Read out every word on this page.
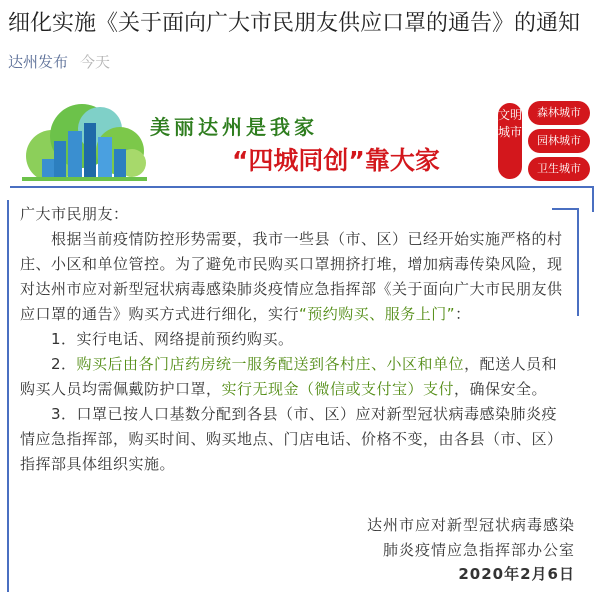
细化实施《关于面向广大市民朋友供应口罩的通告》的通知
达州发布 今天
美丽达州是我家
“四城同创”靠大家
文明城市
森林城市
园林城市
卫生城市
广大市民朋友：
根据当前疫情防控形势需要，我市一些县（市、区）已经开始实施严格的村
庄、小区和单位管控。为了避免市民购买口罩拥挤打堆，增加病毒传染风险，现
对达州市应对新型冠状病毒感染肺炎疫情应急指挥部《关于面向广大市民朋友供
应口罩的通告》购买方式进行细化，实行“预约购买、服务上门”：
1．实行电话、网络提前预约购买。
2．购买后由各门店药房统一服务配送到各村庄、小区和单位，配送人员和
购买人员均需佩戴防护口罩，实行无现金（微信或支付宝）支付，确保安全。
3．口罩已按人口基数分配到各县（市、区）应对新型冠状病毒感染肺炎疫
情应急指挥部，购买时间、购买地点、门店电话、价格不变，由各县（市、区）
指挥部具体组织实施。
达州市应对新型冠状病毒感染
肺炎疫情应急指挥部办公室
2020年2月6日
